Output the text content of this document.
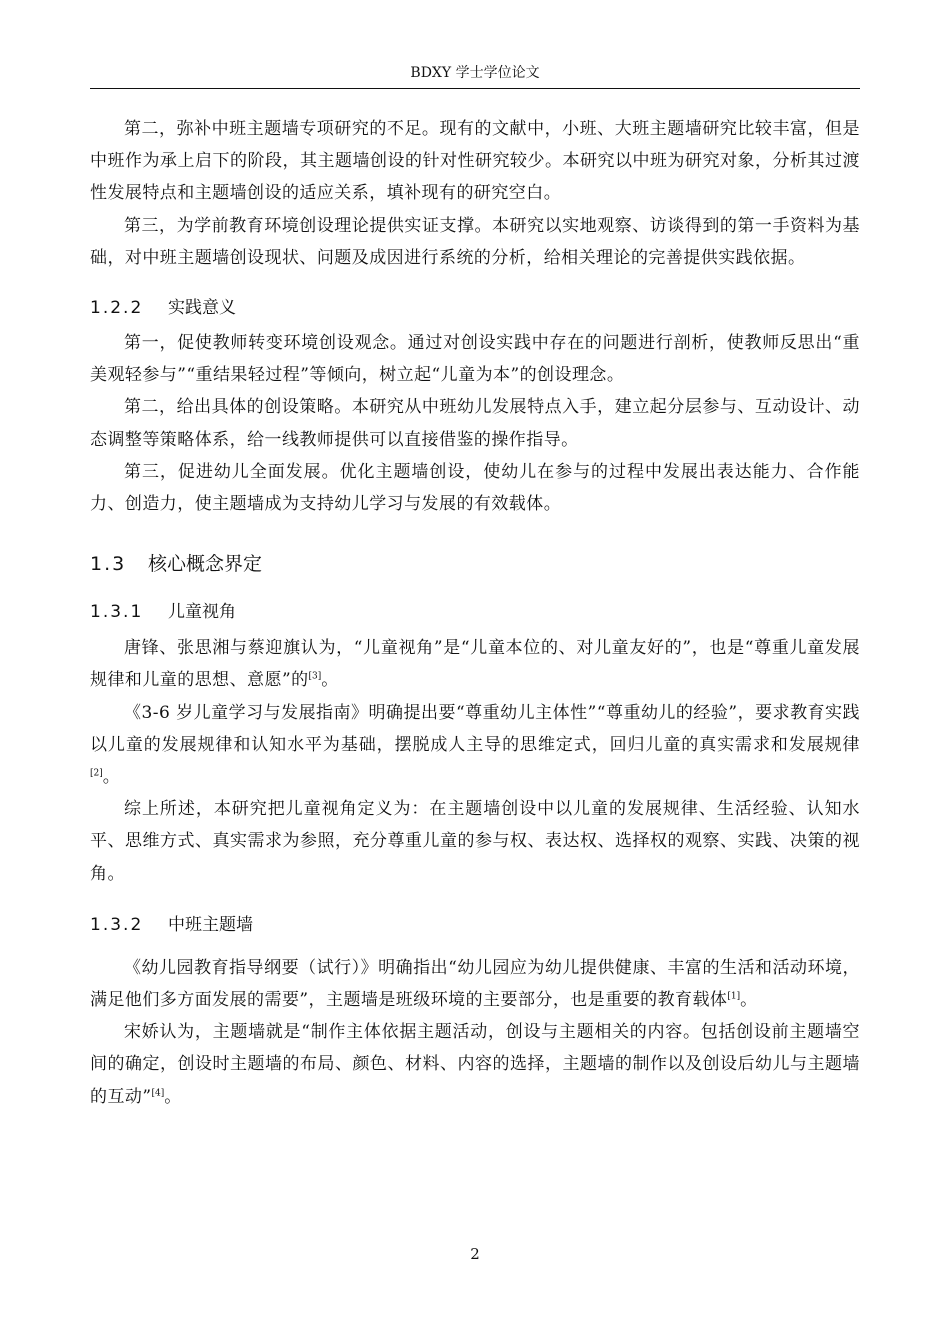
BDXY 学士学位论文

第二，弥补中班主题墙专项研究的不足。现有的文献中，小班、大班主题墙研究比较丰富，但是中班作为承上启下的阶段，其主题墙创设的针对性研究较少。本研究以中班为研究对象，分析其过渡性发展特点和主题墙创设的适应关系，填补现有的研究空白。

第三，为学前教育环境创设理论提供实证支撑。本研究以实地观察、访谈得到的第一手资料为基础，对中班主题墙创设现状、问题及成因进行系统的分析，给相关理论的完善提供实践依据。

1.2.2	实践意义

第一，促使教师转变环境创设观念。通过对创设实践中存在的问题进行剖析，使教师反思出“重美观轻参与”“重结果轻过程”等倾向，树立起“儿童为本”的创设理念。

第二，给出具体的创设策略。本研究从中班幼儿发展特点入手，建立起分层参与、互动设计、动态调整等策略体系，给一线教师提供可以直接借鉴的操作指导。

第三，促进幼儿全面发展。优化主题墙创设，使幼儿在参与的过程中发展出表达能力、合作能力、创造力，使主题墙成为支持幼儿学习与发展的有效载体。

1.3	核心概念界定
1.3.1	儿童视角

唐锋、张思湘与蔡迎旗认为，“儿童视角”是“儿童本位的、对儿童友好的”，也是“尊重儿童发展规律和儿童的思想、意愿”的[3]。

《3-6 岁儿童学习与发展指南》明确提出要“尊重幼儿主体性”“尊重幼儿的经验”，要求教育实践以儿童的发展规律和认知水平为基础，摆脱成人主导的思维定式，回归儿童的真实需求和发展规律[2]。

综上所述，本研究把儿童视角定义为：在主题墙创设中以儿童的发展规律、生活经验、认知水平、思维方式、真实需求为参照，充分尊重儿童的参与权、表达权、选择权的观察、实践、决策的视角。

1.3.2	中班主题墙

《幼儿园教育指导纲要（试行）》明确指出“幼儿园应为幼儿提供健康、丰富的生活和活动环境，满足他们多方面发展的需要”，主题墙是班级环境的主要部分，也是重要的教育载体[1]。

宋娇认为，主题墙就是“制作主体依据主题活动，创设与主题相关的内容。包括创设前主题墙空间的确定，创设时主题墙的布局、颜色、材料、内容的选择，主题墙的制作以及创设后幼儿与主题墙的互动”[4]。

2
